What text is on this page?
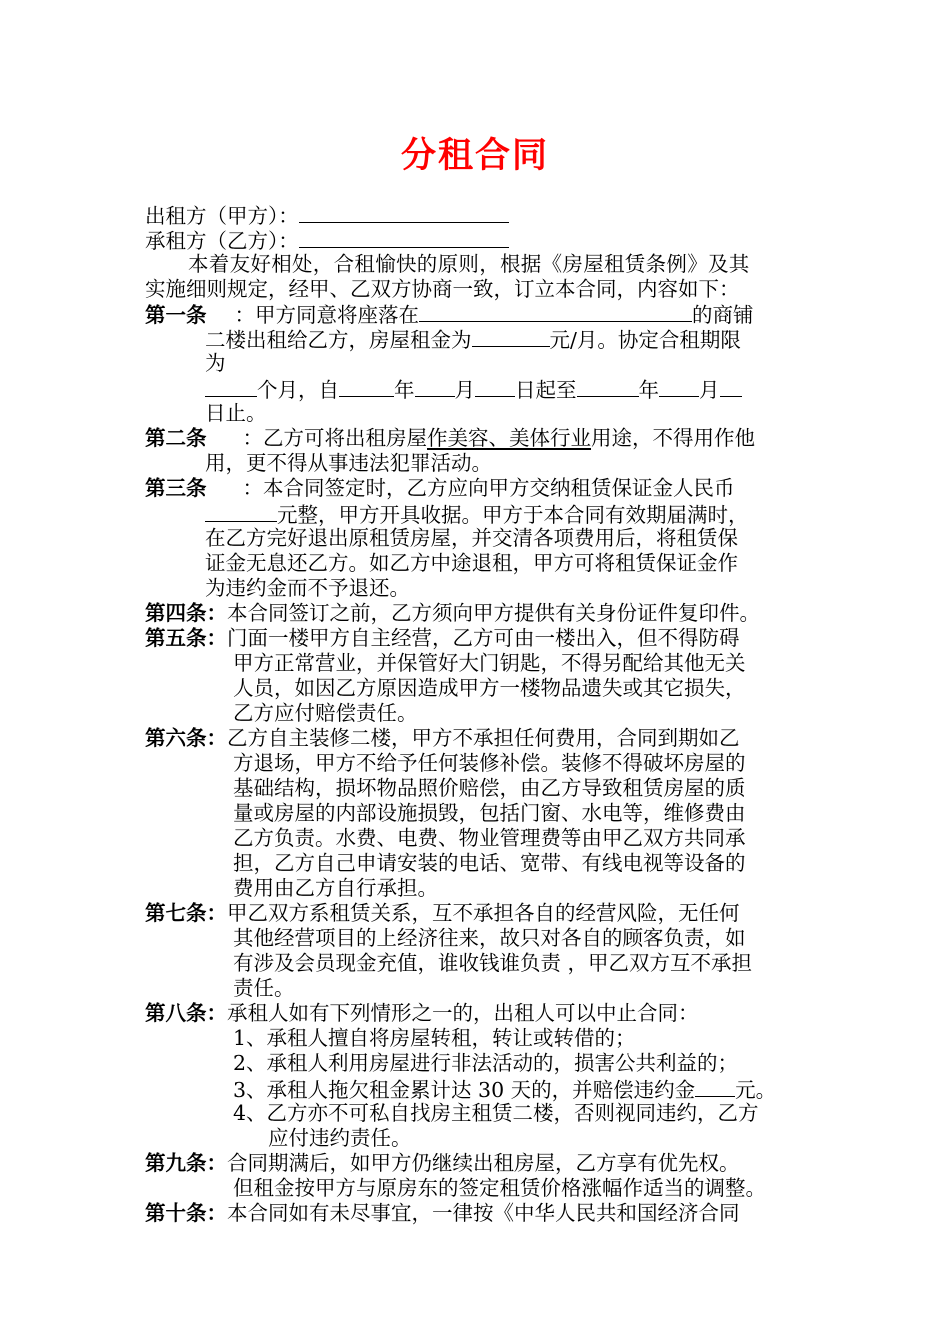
分租合同
出租方（甲方）：
承租方（乙方）：
本着友好相处，合租愉快的原则，根据《房屋租赁条例》及其
实施细则规定，经甲、乙双方协商一致，订立本合同，内容如下：
第一条 ：甲方同意将座落在	的商铺
二楼出租给乙方，房屋租金为	元/月。协定合租期限
为
个月，自	年 月 日起至	年 月
日止。
第二条 ：乙方可将出租房屋作美容、美体行业用途，不得用作他
用，更不得从事违法犯罪活动。
第三条 ：本合同签定时，乙方应向甲方交纳租赁保证金人民币
元整，甲方开具收据。甲方于本合同有效期届满时，
在乙方完好退出原租赁房屋，并交清各项费用后，将租赁保
证金无息还乙方。如乙方中途退租，甲方可将租赁保证金作
为违约金而不予退还。
第四条：本合同签订之前，乙方须向甲方提供有关身份证件复印件。
第五条：门面一楼甲方自主经营，乙方可由一楼出入，但不得防碍
甲方正常营业，并保管好大门钥匙，不得另配给其他无关
人员，如因乙方原因造成甲方一楼物品遗失或其它损失，
乙方应付赔偿责任。
第六条：乙方自主装修二楼，甲方不承担任何费用，合同到期如乙
方退场，甲方不给予任何装修补偿。装修不得破坏房屋的
基础结构，损坏物品照价赔偿，由乙方导致租赁房屋的质
量或房屋的内部设施损毁，包括门窗、水电等，维修费由
乙方负责。水费、电费、物业管理费等由甲乙双方共同承
担，乙方自己申请安装的电话、宽带、有线电视等设备的
费用由乙方自行承担。
第七条：甲乙双方系租赁关系，互不承担各自的经营风险，无任何
其他经营项目的上经济往来，故只对各自的顾客负责，如
有涉及会员现金充值，谁收钱谁负责 ，甲乙双方互不承担
责任。
第八条：承租人如有下列情形之一的，出租人可以中止合同：
1、承租人擅自将房屋转租，转让或转借的；
2、承租人利用房屋进行非法活动的，损害公共利益的；
3、承租人拖欠租金累计达 30 天的，并赔偿违约金 元。
4、乙方亦不可私自找房主租赁二楼，否则视同违约，乙方
应付违约责任。
第九条：合同期满后，如甲方仍继续出租房屋，乙方享有优先权。
但租金按甲方与原房东的签定租赁价格涨幅作适当的调整。
第十条：本合同如有未尽事宜，一律按《中华人民共和国经济合同
